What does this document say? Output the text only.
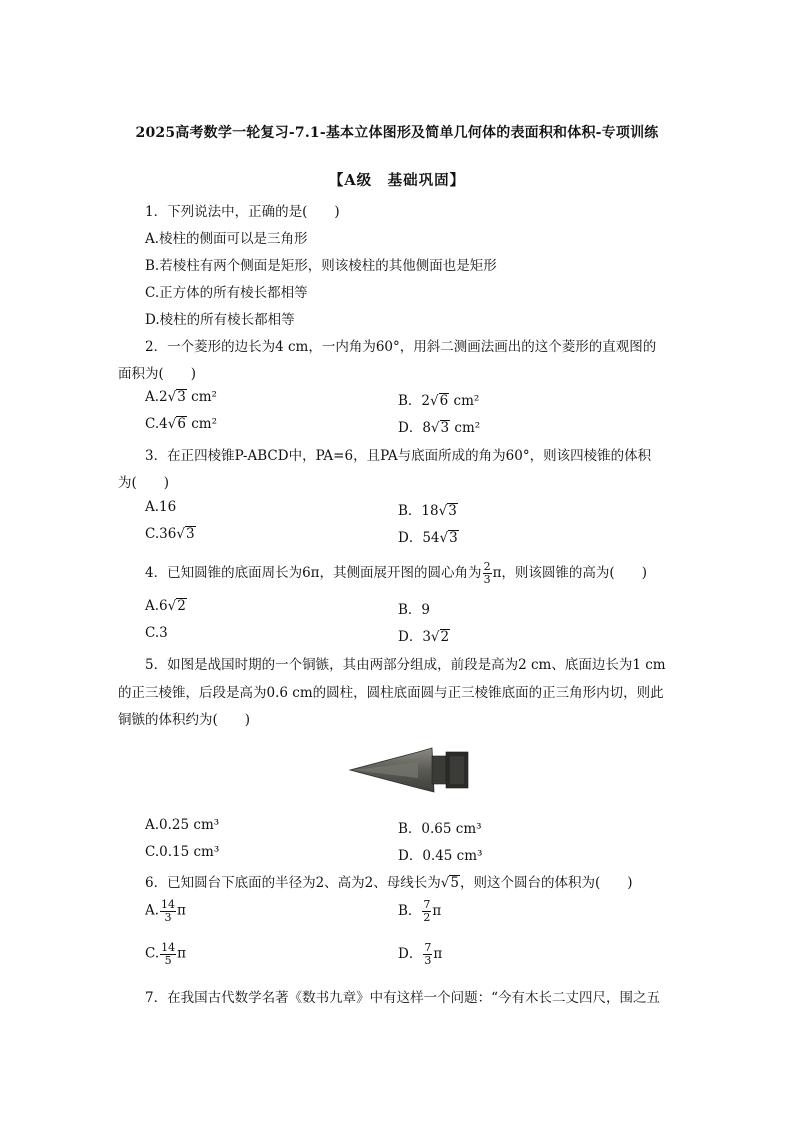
2025高考数学一轮复习-7.1-基本立体图形及简单几何体的表面积和体积-专项训练
【A级　基础巩固】
1．下列说法中，正确的是(　　)
A.棱柱的侧面可以是三角形
B.若棱柱有两个侧面是矩形，则该棱柱的其他侧面也是矩形
C.正方体的所有棱长都相等
D.棱柱的所有棱长都相等
2．一个菱形的边长为4 cm，一内角为60°，用斜二测画法画出的这个菱形的直观图的
面积为(　　)
A.2√3 cm²	B．2√6 cm²
C.4√6 cm²	D．8√3 cm²
3．在正四棱锥P-ABCD中，PA=6，且PA与底面所成的角为60°，则该四棱锥的体积
为(　　)
A.16	B．18√3
C.36√3	D．54√3
4．已知圆锥的底面周长为6π，其侧面展开图的圆心角为 $\frac{2}{3}$ π，则该圆锥的高为(　　)
A.6√2	B．9
C.3	D．3√2
5．如图是战国时期的一个铜镞，其由两部分组成，前段是高为2 cm、底面边长为1 cm
的正三棱锥，后段是高为0.6 cm的圆柱，圆柱底面圆与正三棱锥底面的正三角形内切，则此
铜镞的体积约为(　　)
A.0.25 cm³	B．0.65 cm³
C.0.15 cm³	D．0.45 cm³
6．已知圆台下底面的半径为2、高为2、母线长为√5，则这个圆台的体积为(　　)
A. $\frac{14}{3}$ π	B． $\frac{7}{2}$ π
C. $\frac{14}{5}$ π	D． $\frac{7}{3}$ π
7．在我国古代数学名著《数书九章》中有这样一个问题：“今有木长二丈四尺，围之五
